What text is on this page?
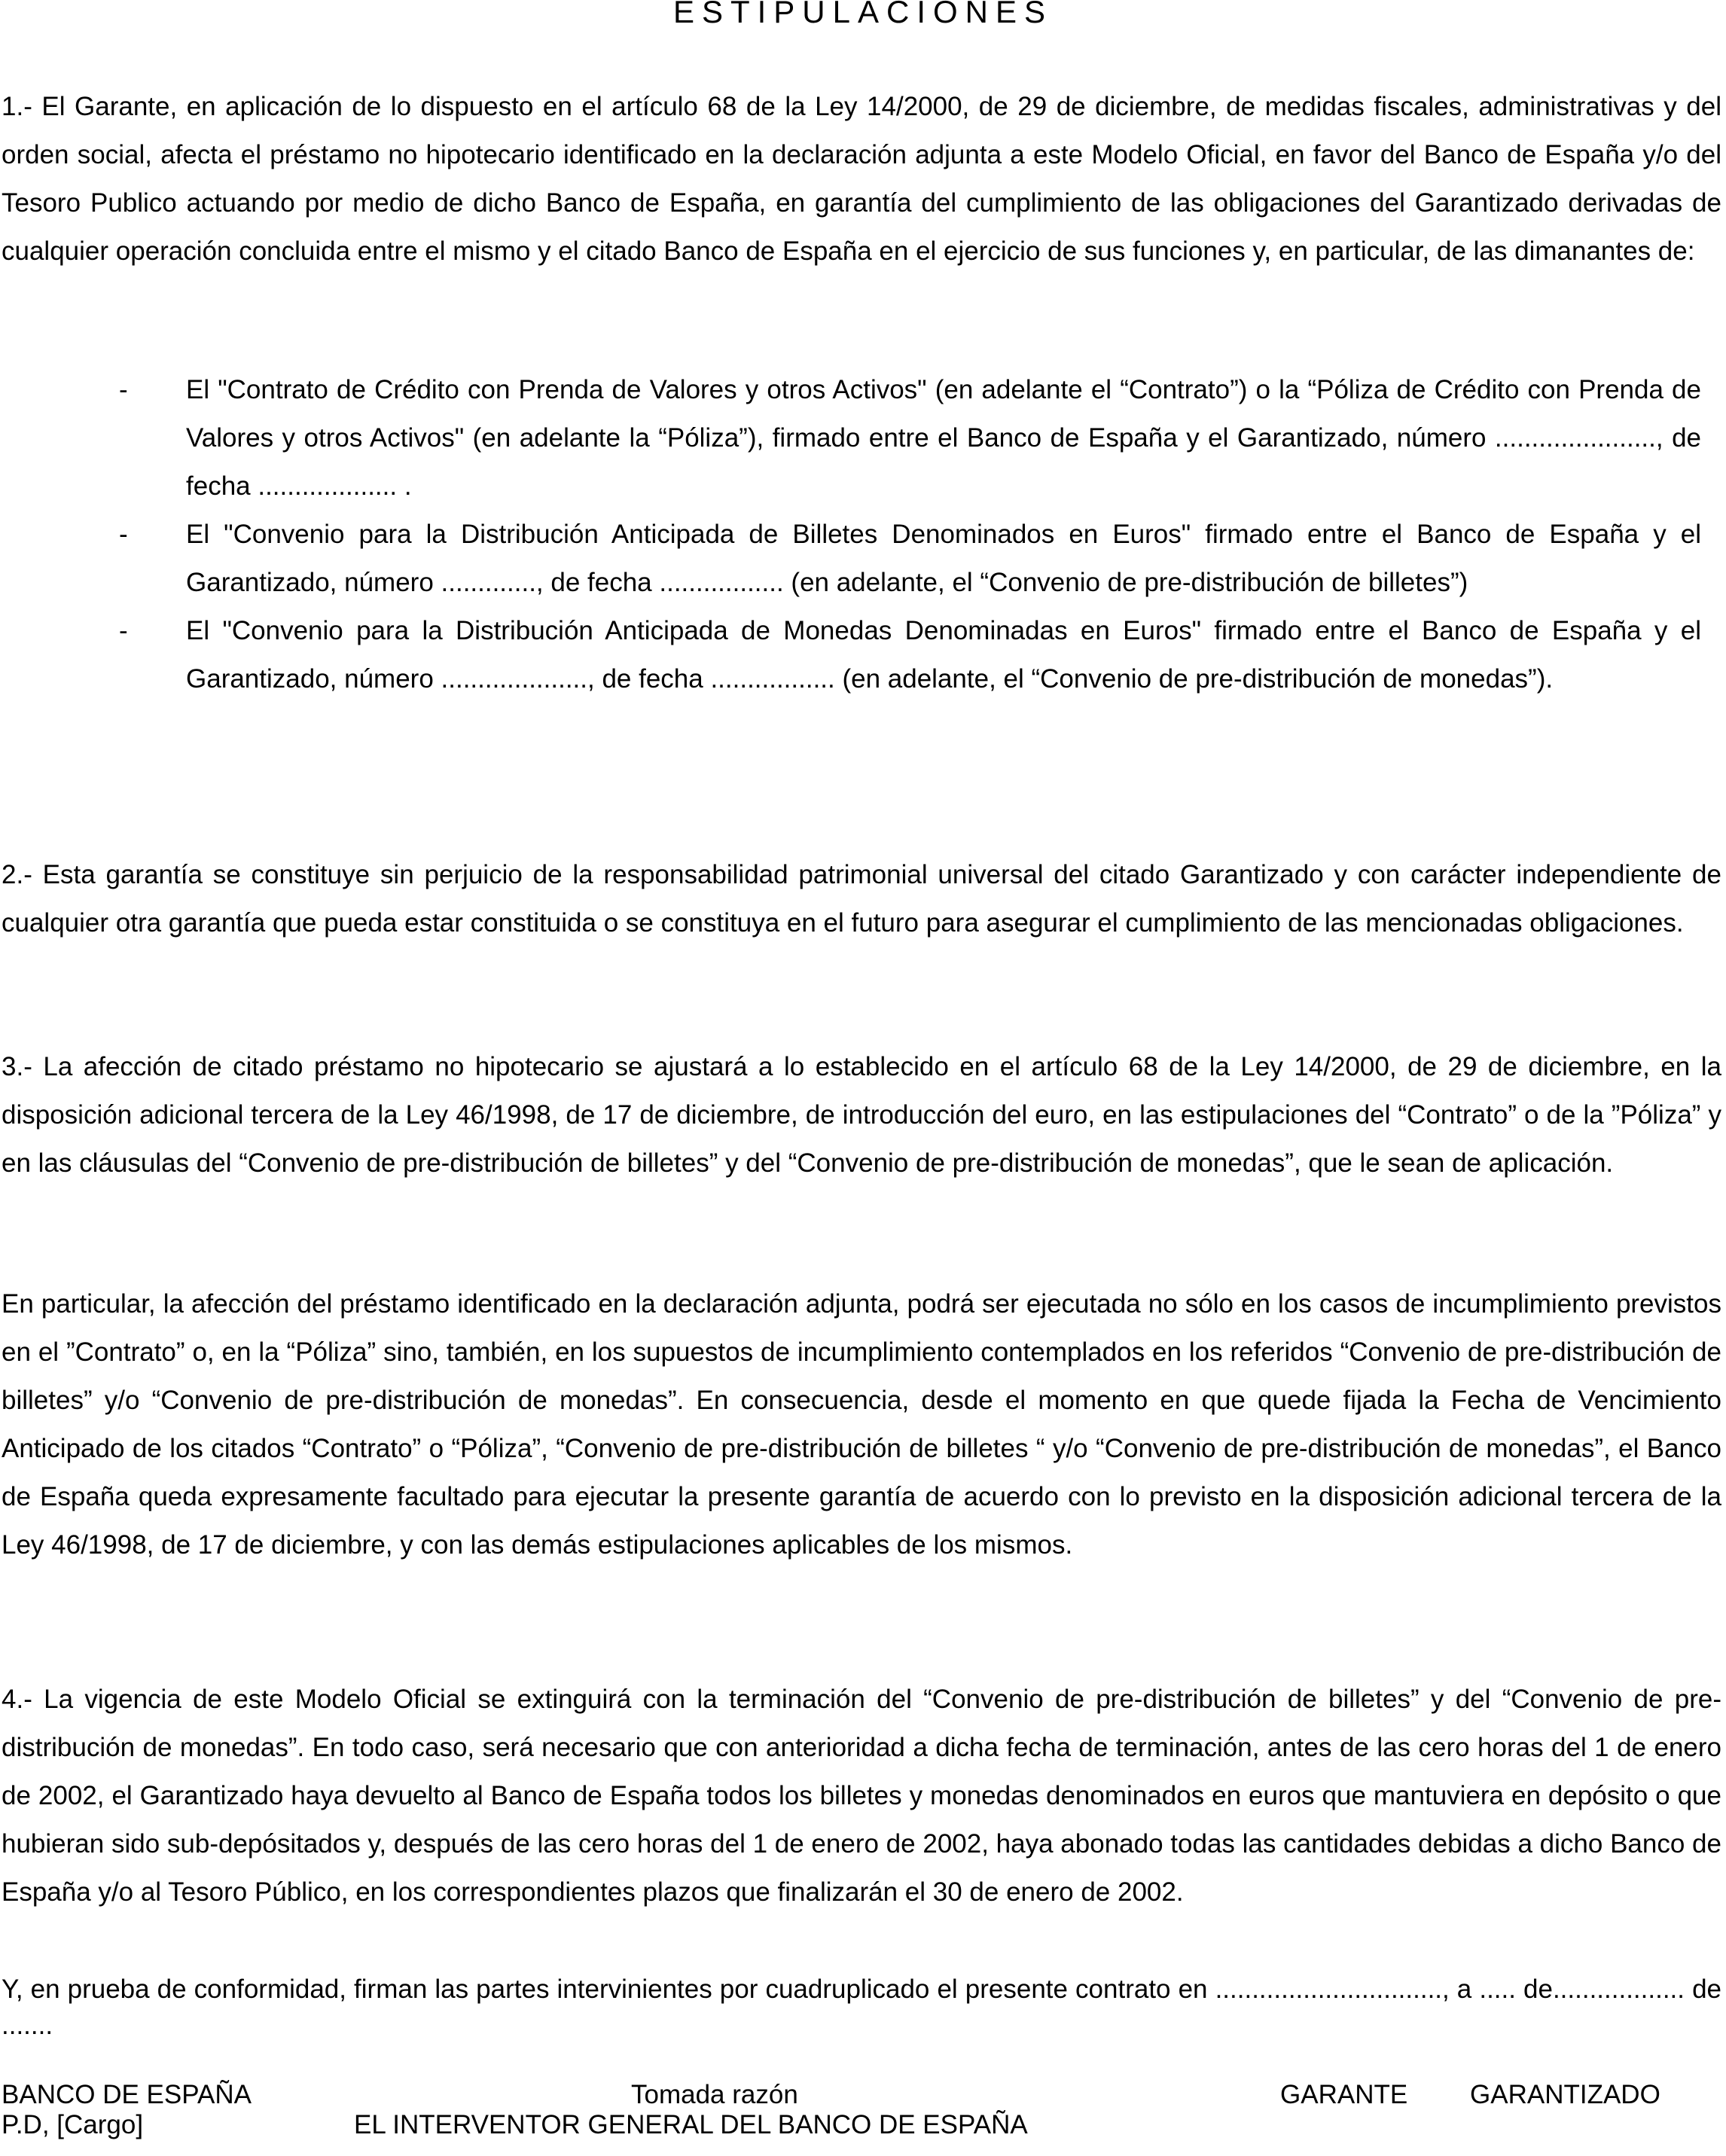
ESTIPULACIONES

1.- El Garante, en aplicación de lo dispuesto en el artículo 68 de la Ley 14/2000, de 29 de diciembre, de medidas fiscales, administrativas y del orden social, afecta el préstamo no hipotecario identificado en la declaración adjunta a este Modelo Oficial, en favor del Banco de España y/o del Tesoro Publico actuando por medio de dicho Banco de España, en garantía del cumplimiento de las obligaciones del Garantizado derivadas de cualquier operación concluida entre el mismo y el citado Banco de España en el ejercicio de sus funciones y, en particular, de las dimanantes de:

- El "Contrato de Crédito con Prenda de Valores y otros Activos" (en adelante el “Contrato”) o la “Póliza de Crédito con Prenda de Valores y otros Activos" (en adelante la “Póliza”), firmado entre el Banco de España y el Garantizado, número ......................, de fecha ................... .
- El "Convenio para la Distribución Anticipada de Billetes Denominados en Euros" firmado entre el Banco de España y el Garantizado, número ............., de fecha ................. (en adelante, el “Convenio de pre-distribución de billetes”)
- El "Convenio para la Distribución Anticipada de Monedas Denominadas en Euros" firmado entre el Banco de España y el Garantizado, número ...................., de fecha ................. (en adelante, el “Convenio de pre-distribución de monedas”).

2.- Esta garantía se constituye sin perjuicio de la responsabilidad patrimonial universal del citado Garantizado y con carácter independiente de cualquier otra garantía que pueda estar constituida o se constituya en el futuro para asegurar el cumplimiento de las mencionadas obligaciones.

3.- La afección de citado préstamo no hipotecario se ajustará a lo establecido en el artículo 68 de la Ley 14/2000, de 29 de diciembre, en la disposición adicional tercera de la Ley 46/1998, de 17 de diciembre, de introducción del euro, en las estipulaciones del “Contrato” o de la ”Póliza” y en las cláusulas del “Convenio de pre-distribución de billetes” y del “Convenio de pre-distribución de monedas”, que le sean de aplicación.

En particular, la afección del préstamo identificado en la declaración adjunta, podrá ser ejecutada no sólo en los casos de incumplimiento previstos en el ”Contrato” o, en la “Póliza” sino, también, en los supuestos de incumplimiento contemplados en los referidos “Convenio de pre-distribución de billetes” y/o “Convenio de pre-distribución de monedas”. En consecuencia, desde el momento en que quede fijada la Fecha de Vencimiento Anticipado de los citados “Contrato” o “Póliza”, “Convenio de pre-distribución de billetes “ y/o “Convenio de pre-distribución de monedas”, el Banco de España queda expresamente facultado para ejecutar la presente garantía de acuerdo con lo previsto en la disposición adicional tercera de la Ley 46/1998, de 17 de diciembre, y con las demás estipulaciones aplicables de los mismos.

4.- La vigencia de este Modelo Oficial se extinguirá con la terminación del “Convenio de pre-distribución de billetes” y del “Convenio de pre-distribución de monedas”. En todo caso, será necesario que con anterioridad a dicha fecha de terminación, antes de las cero horas del 1 de enero de 2002, el Garantizado haya devuelto al Banco de España todos los billetes y monedas denominados en euros que mantuviera en depósito o que hubieran sido sub-depósitados y, después de las cero horas del 1 de enero de 2002, haya abonado todas las cantidades debidas a dicho Banco de España y/o al Tesoro Público, en los correspondientes plazos que finalizarán el 30 de enero de 2002.

Y, en prueba de conformidad, firman las partes intervinientes por cuadruplicado el presente contrato en ..............................., a ..... de.................. de .......
BANCO DE ESPAÑA
P.D, [Cargo]
Tomada razón
EL INTERVENTOR GENERAL DEL BANCO DE ESPAÑA
GARANTE GARANTIZADO
